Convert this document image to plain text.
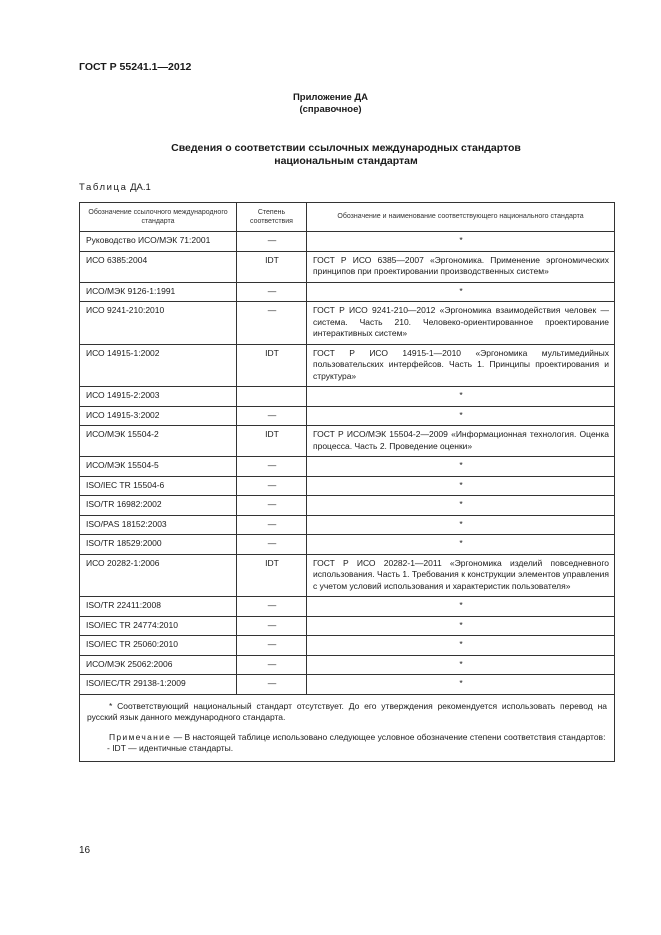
ГОСТ Р 55241.1—2012
Приложение ДА
(справочное)
Сведения о соответствии ссылочных международных стандартов
национальным стандартам
Таблица ДА.1
Обозначение ссылочного международного стандарта	Степень соответствия	Обозначение и наименование соответствующего национального стандарта
Руководство ИСО/МЭК 71:2001	—	*
ИСО 6385:2004	IDT	ГОСТ Р ИСО 6385—2007 «Эргономика. Применение эргономических принципов при проектировании производственных систем»
ИСО/МЭК 9126-1:1991	—	*
ИСО 9241-210:2010	—	ГОСТ Р ИСО 9241-210—2012 «Эргономика взаимодействия человек — система. Часть 210. Человеко-ориентированное проектирование интерактивных систем»
ИСО 14915-1:2002	IDT	ГОСТ Р ИСО 14915-1—2010 «Эргономика мультимедийных пользовательских интерфейсов. Часть 1. Принципы проектирования и структура»
ИСО 14915-2:2003		*
ИСО 14915-3:2002	—	*
ИСО/МЭК 15504-2	IDT	ГОСТ Р ИСО/МЭК 15504-2—2009 «Информационная технология. Оценка процесса. Часть 2. Проведение оценки»
ИСО/МЭК 15504-5	—	*
ISO/IEC TR 15504-6	—	*
ISO/TR 16982:2002	—	*
ISO/PAS 18152:2003	—	*
ISO/TR 18529:2000	—	*
ИСО 20282-1:2006	IDT	ГОСТ Р ИСО 20282-1—2011 «Эргономика изделий повседневного использования. Часть 1. Требования к конструкции элементов управления с учетом условий использования и характеристик пользователя»
ISO/TR 22411:2008	—	*
ISO/IEC TR 24774:2010	—	*
ISO/IEC TR 25060:2010	—	*
ИСО/МЭК 25062:2006	—	*
ISO/IEC/TR 29138-1:2009	—	*

* Соответствующий национальный стандарт отсутствует. До его утверждения рекомендуется использовать перевод на русский язык данного международного стандарта.

Примечание — В настоящей таблице использовано следующее условное обозначение степени соответствия стандартов:

- IDT — идентичные стандарты.		

16
